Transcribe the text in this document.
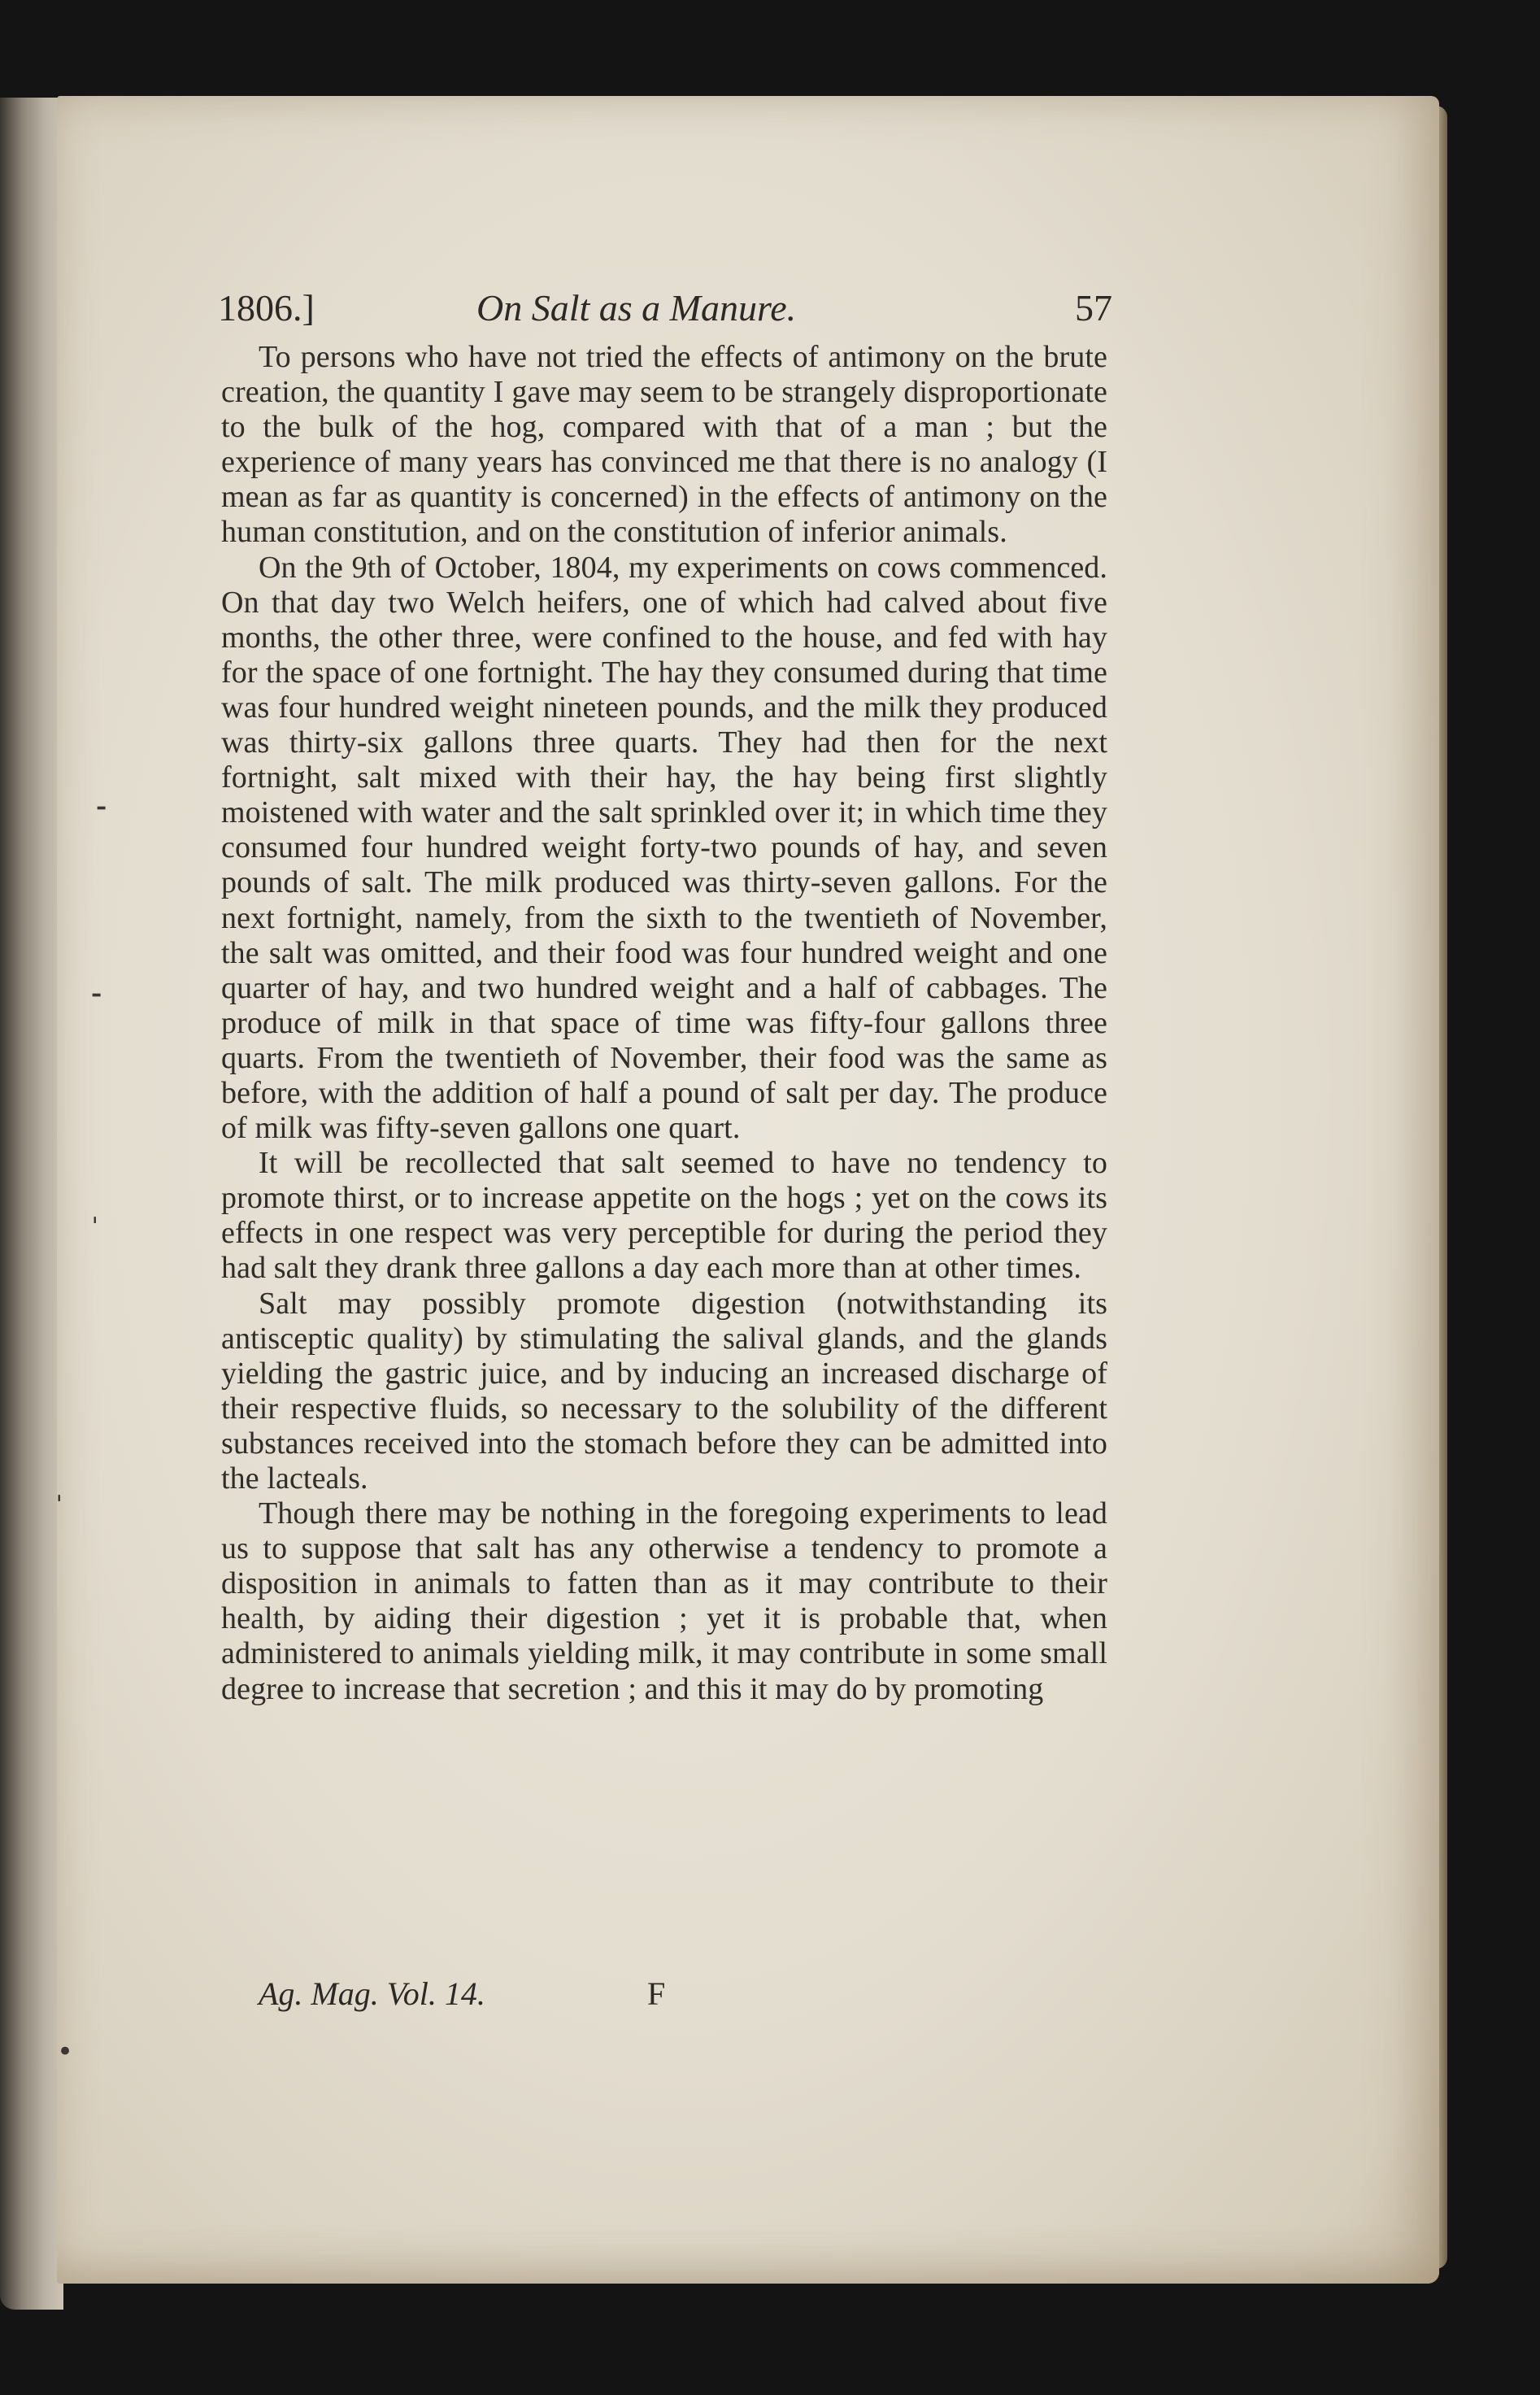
⁃
⁃
ˈ
ˈ
•
1806.]	On Salt as a Manure.	57

To persons who have not tried the effects of antimony on the brute creation, the quantity I gave may seem to be strangely disproportionate to the bulk of the hog, compared with that of a man ; but the experience of many years has convinced me that there is no analogy (I mean as far as quantity is concerned) in the effects of antimony on the human constitution, and on the constitution of inferior animals.

On the 9th of October, 1804, my experiments on cows commenced. On that day two Welch heifers, one of which had calved about five months, the other three, were confined to the house, and fed with hay for the space of one fortnight. The hay they consumed during that time was four hundred weight nineteen pounds, and the milk they produced was thirty-six gallons three quarts. They had then for the next fortnight, salt mixed with their hay, the hay being first slightly moistened with water and the salt sprinkled over it; in which time they consumed four hundred weight forty-two pounds of hay, and seven pounds of salt. The milk produced was thirty-seven gallons. For the next fortnight, namely, from the sixth to the twentieth of November, the salt was omitted, and their food was four hundred weight and one quarter of hay, and two hundred weight and a half of cabbages. The produce of milk in that space of time was fifty-four gallons three quarts. From the twentieth of November, their food was the same as before, with the addition of half a pound of salt per day. The produce of milk was fifty-seven gallons one quart.

It will be recollected that salt seemed to have no tendency to promote thirst, or to increase appetite on the hogs ; yet on the cows its effects in one respect was very perceptible for during the period they had salt they drank three gallons a day each more than at other times.

Salt may possibly promote digestion (notwithstanding its antisceptic quality) by stimulating the salival glands, and the glands yielding the gastric juice, and by inducing an increased discharge of their respective fluids, so necessary to the solubility of the different substances received into the stomach before they can be admitted into the lacteals.

Though there may be nothing in the foregoing experiments to lead us to suppose that salt has any otherwise a tendency to promote a disposition in animals to fatten than as it may contribute to their health, by aiding their digestion ; yet it is probable that, when administered to animals yielding milk, it may contribute in some small degree to increase that secretion ; and this it may do by promoting

Ag. Mag. Vol. 14.	F
